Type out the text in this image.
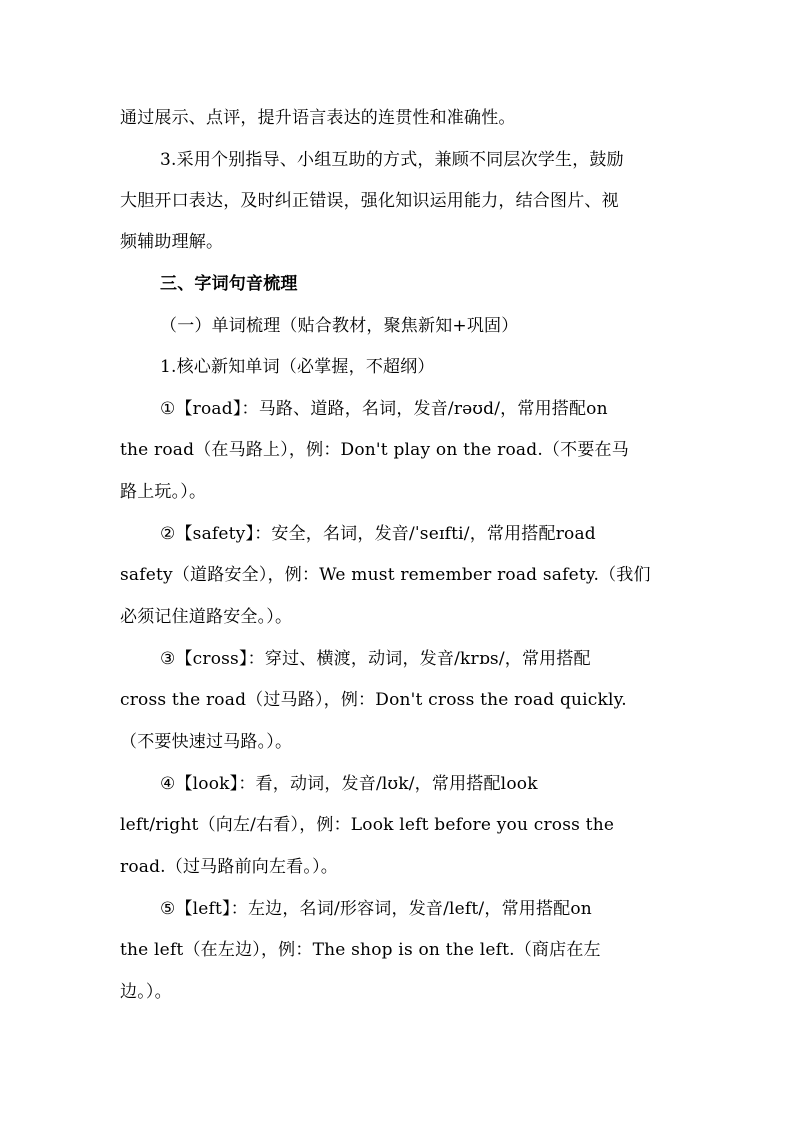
通过展示、点评，提升语言表达的连贯性和准确性。
3.采用个别指导、小组互助的方式，兼顾不同层次学生，鼓励
大胆开口表达，及时纠正错误，强化知识运用能力，结合图片、视
频辅助理解。
三、字词句音梳理
（一）单词梳理（贴合教材，聚焦新知+巩固）
1.核心新知单词（必掌握，不超纲）
①【road】：马路、道路，名词，发音/rəʊd/，常用搭配on
the road（在马路上），例：Don't play on the road.（不要在马
路上玩。）。
②【safety】：安全，名词，发音/ˈseɪfti/，常用搭配road
safety（道路安全），例：We must remember road safety.（我们
必须记住道路安全。）。
③【cross】：穿过、横渡，动词，发音/krɒs/，常用搭配
cross the road（过马路），例：Don't cross the road quickly.
（不要快速过马路。）。
④【look】：看，动词，发音/lʊk/，常用搭配look
left/right（向左/右看），例：Look left before you cross the
road.（过马路前向左看。）。
⑤【left】：左边，名词/形容词，发音/left/，常用搭配on
the left（在左边），例：The shop is on the left.（商店在左
边。）。
